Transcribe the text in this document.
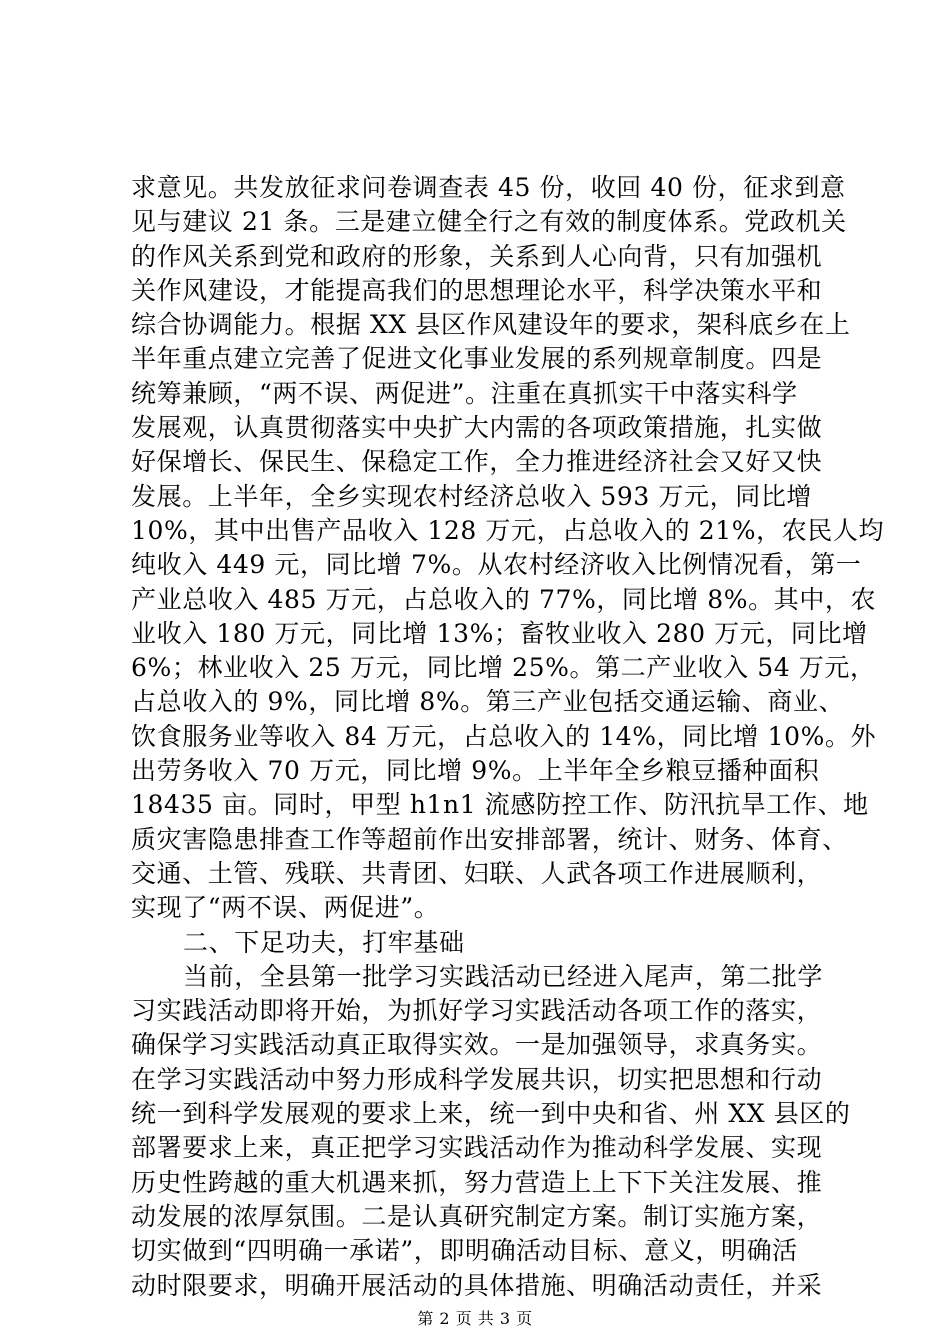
求意见。共发放征求问卷调查表 45 份，收回 40 份，征求到意
见与建议 21 条。三是建立健全行之有效的制度体系。党政机关
的作风关系到党和政府的形象，关系到人心向背，只有加强机
关作风建设，才能提高我们的思想理论水平，科学决策水平和
综合协调能力。根据 XX 县区作风建设年的要求，架科底乡在上
半年重点建立完善了促进文化事业发展的系列规章制度。四是
统筹兼顾，“两不误、两促进”。注重在真抓实干中落实科学
发展观，认真贯彻落实中央扩大内需的各项政策措施，扎实做
好保增长、保民生、保稳定工作，全力推进经济社会又好又快
发展。上半年，全乡实现农村经济总收入 593 万元，同比增
10%，其中出售产品收入 128 万元，占总收入的 21%，农民人均
纯收入 449 元，同比增 7%。从农村经济收入比例情况看，第一
产业总收入 485 万元，占总收入的 77%，同比增 8%。其中，农
业收入 180 万元，同比增 13%；畜牧业收入 280 万元，同比增
6%；林业收入 25 万元，同比增 25%。第二产业收入 54 万元，
占总收入的 9%，同比增 8%。第三产业包括交通运输、商业、
饮食服务业等收入 84 万元，占总收入的 14%，同比增 10%。外
出劳务收入 70 万元，同比增 9%。上半年全乡粮豆播种面积
18435 亩。同时，甲型 h1n1 流感防控工作、防汛抗旱工作、地
质灾害隐患排查工作等超前作出安排部署，统计、财务、体育、
交通、土管、残联、共青团、妇联、人武各项工作进展顺利，
实现了“两不误、两促进”。
二、下足功夫，打牢基础
当前，全县第一批学习实践活动已经进入尾声，第二批学
习实践活动即将开始，为抓好学习实践活动各项工作的落实，
确保学习实践活动真正取得实效。一是加强领导，求真务实。
在学习实践活动中努力形成科学发展共识，切实把思想和行动
统一到科学发展观的要求上来，统一到中央和省、州 XX 县区的
部署要求上来，真正把学习实践活动作为推动科学发展、实现
历史性跨越的重大机遇来抓，努力营造上上下下关注发展、推
动发展的浓厚氛围。二是认真研究制定方案。制订实施方案，
切实做到“四明确一承诺”，即明确活动目标、意义，明确活
动时限要求，明确开展活动的具体措施、明确活动责任，并采
第 2 页 共 3 页
